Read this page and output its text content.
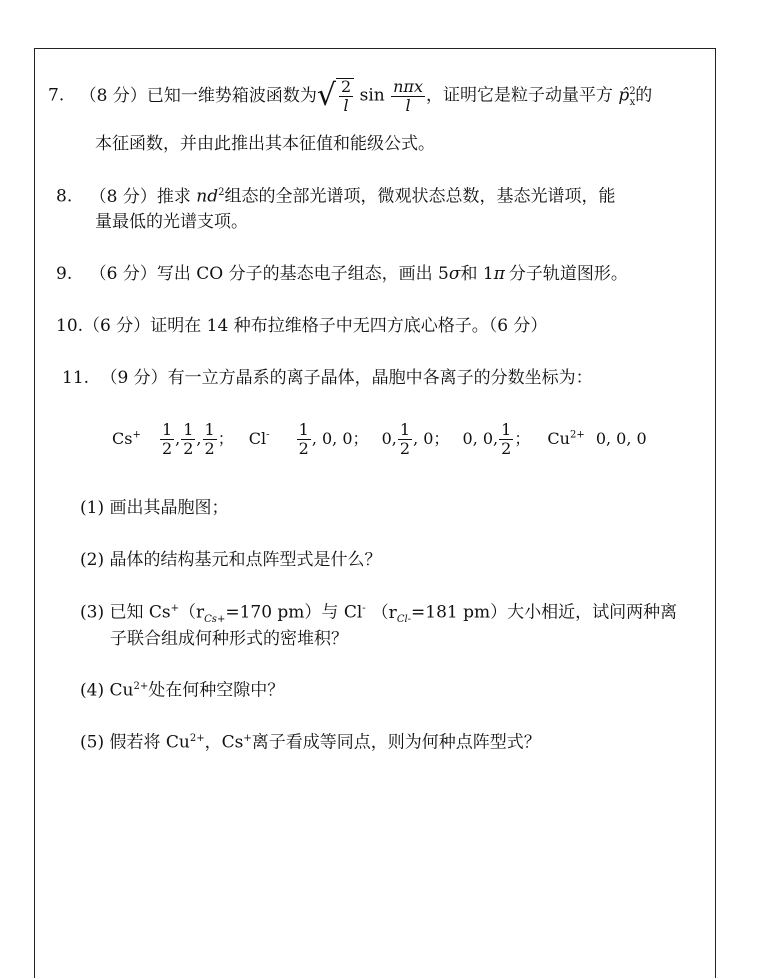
7. （8 分）已知一维势箱波函数为√ $\frac{2}{l}$ $\sin \frac{\text{nπx}}{l}$ ，证明它是粒子动量平方 p̂$^2_x$的
本征函数，并由此推出其本征值和能级公式。
8. （8 分）推求 $nd^2$组态的全部光谱项，微观状态总数，基态光谱项，能
量最低的光谱支项。
9. （6 分）写出 CO 分子的基态电子组态，画出 5σ和 1π 分子轨道图形。
10.（6 分）证明在 14 种布拉维格子中无四方底心格子。（6 分）
11. （9 分）有一立方晶系的离子晶体，晶胞中各离子的分数坐标为：
$Cs^+ \frac{1}{2}$ , $\frac{1}{2}$ , $\frac{1}{2}$ ； $Cl^- \frac{1}{2}$ , 0, 0； 0, $\frac{1}{2}$ , 0； 0, 0, $\frac{1}{2}$ ； $Cu^{2+}$ 0, 0, 0
(1) 画出其晶胞图；
(2) 晶体的结构基元和点阵型式是什么？
(3) 已知 $Cs^+(r_{Cs+}=170$ pm）与 Cl- （$r_{Cl-}=181$ pm）大小相近，试问两种离
子联合组成何种形式的密堆积？
(4) $Cu^{2+}$处在何种空隙中？
(5) 假若将 $Cu^{2+}$，Cs+离子看成等同点，则为何种点阵型式？
